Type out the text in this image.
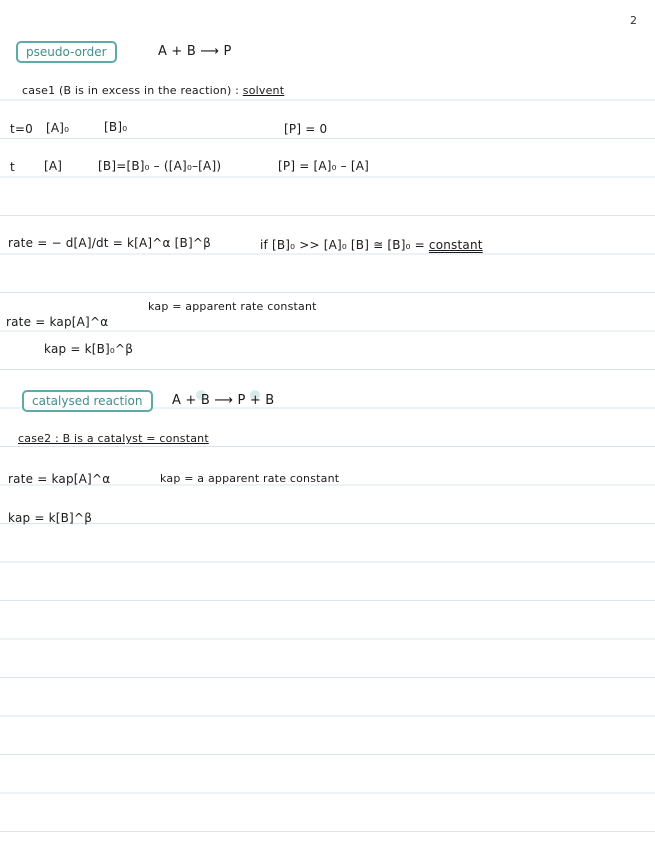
2
pseudo-order	A + B ⟶ P
case1 (B is in excess in the reaction) : solvent
t=0 [A]₀	[B]₀	[P] = 0
t [A]	[B]=[B]₀ – ([A]₀–[A])	[P] = [A]₀ – [A]
rate = − d[A]/dt = k[A]^α [B]^β	if [B]₀ >> [A]₀ [B] ≅ [B]₀ = constant
rate = kap[A]^α
kap = apparent rate constant
kap = k[B]₀^β
catalysed reaction	A + B ⟶ P + B
case2 : B is a catalyst = constant
rate = kap[A]^α	kap = a apparent rate constant
kap = k[B]^β
